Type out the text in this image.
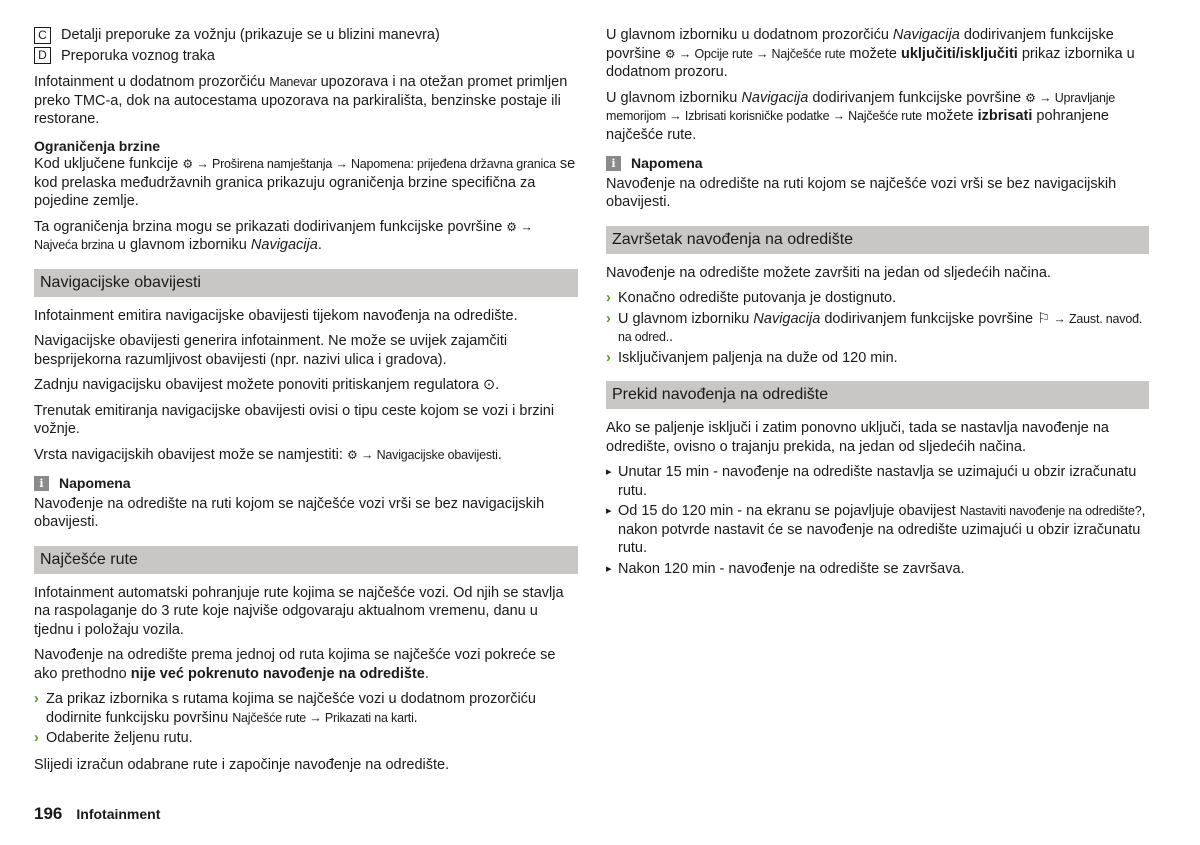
C Detalji preporuke za vožnju (prikazuje se u blizini manevra)
D Preporuka voznog traka

Infotainment u dodatnom prozorčiću Manevar upozorava i na otežan promet primljen preko TMC-a, dok na autocestama upozorava na parkirališta, benzinske postaje ili restorane.

Ograničenja brzine

Kod uključene funkcije ⚙ → Proširena namještanja → Napomena: prijeđena državna granica se kod prelaska međudržavnih granica prikazuju ograničenja brzine specifična za pojedine zemlje.

Ta ograničenja brzina mogu se prikazati dodirivanjem funkcijske površine ⚙ → Najveća brzina u glavnom izborniku Navigacija.

Navigacijske obavijesti

Infotainment emitira navigacijske obavijesti tijekom navođenja na odredište.

Navigacijske obavijesti generira infotainment. Ne može se uvijek zajamčiti besprijekorna razumljivost obavijesti (npr. nazivi ulica i gradova).

Zadnju navigacijsku obavijest možete ponoviti pritiskanjem regulatora ⊙.

Trenutak emitiranja navigacijske obavijesti ovisi o tipu ceste kojom se vozi i brzini vožnje.

Vrsta navigacijskih obavijest može se namjestiti: ⚙ → Navigacijske obavijesti.

i	Napomena

Navođenje na odredište na ruti kojom se najčešće vozi vrši se bez navigacijskih obavijesti.

Najčešće rute

Infotainment automatski pohranjuje rute kojima se najčešće vozi. Od njih se stavlja na raspolaganje do 3 rute koje najviše odgovaraju aktualnom vremenu, danu u tjednu i položaju vozila.

Navođenje na odredište prema jednoj od ruta kojima se najčešće vozi pokreće se ako prethodno nije već pokrenuto navođenje na odredište.

› Za prikaz izbornika s rutama kojima se najčešće vozi u dodatnom prozorčiću dodirnite funkcijsku površinu Najčešće rute → Prikazati na karti.
› Odaberite željenu rutu.

Slijedi izračun odabrane rute i započinje navođenje na odredište.

U glavnom izborniku u dodatnom prozorčiću Navigacija dodirivanjem funkcijske površine ⚙ → Opcije rute → Najčešće rute možete uključiti/isključiti prikaz izbornika u dodatnom prozoru.

U glavnom izborniku Navigacija dodirivanjem funkcijske površine ⚙ → Upravljanje memorijom → Izbrisati korisničke podatke → Najčešće rute možete izbrisati pohranjene najčešće rute.

i	Napomena

Navođenje na odredište na ruti kojom se najčešće vozi vrši se bez navigacijskih obavijesti.

Završetak navođenja na odredište

Navođenje na odredište možete završiti na jedan od sljedećih načina.

› Konačno odredište putovanja je dostignuto.
› U glavnom izborniku Navigacija dodirivanjem funkcijske površine ⚐ → Zaust. navođ. na odred..
› Isključivanjem paljenja na duže od 120 min.
Prekid navođenja na odredište

Ako se paljenje isključi i zatim ponovno uključi, tada se nastavlja navođenje na odredište, ovisno o trajanju prekida, na jedan od sljedećih načina.

▸ Unutar 15 min - navođenje na odredište nastavlja se uzimajući u obzir izračunatu rutu.
▸ Od 15 do 120 min - na ekranu se pojavljuje obavijest Nastaviti navođenje na odredište?, nakon potvrde nastavit će se navođenje na odredište uzimajući u obzir izračunatu rutu.
▸ Nakon 120 min - navođenje na odredište se završava.
196 Infotainment
